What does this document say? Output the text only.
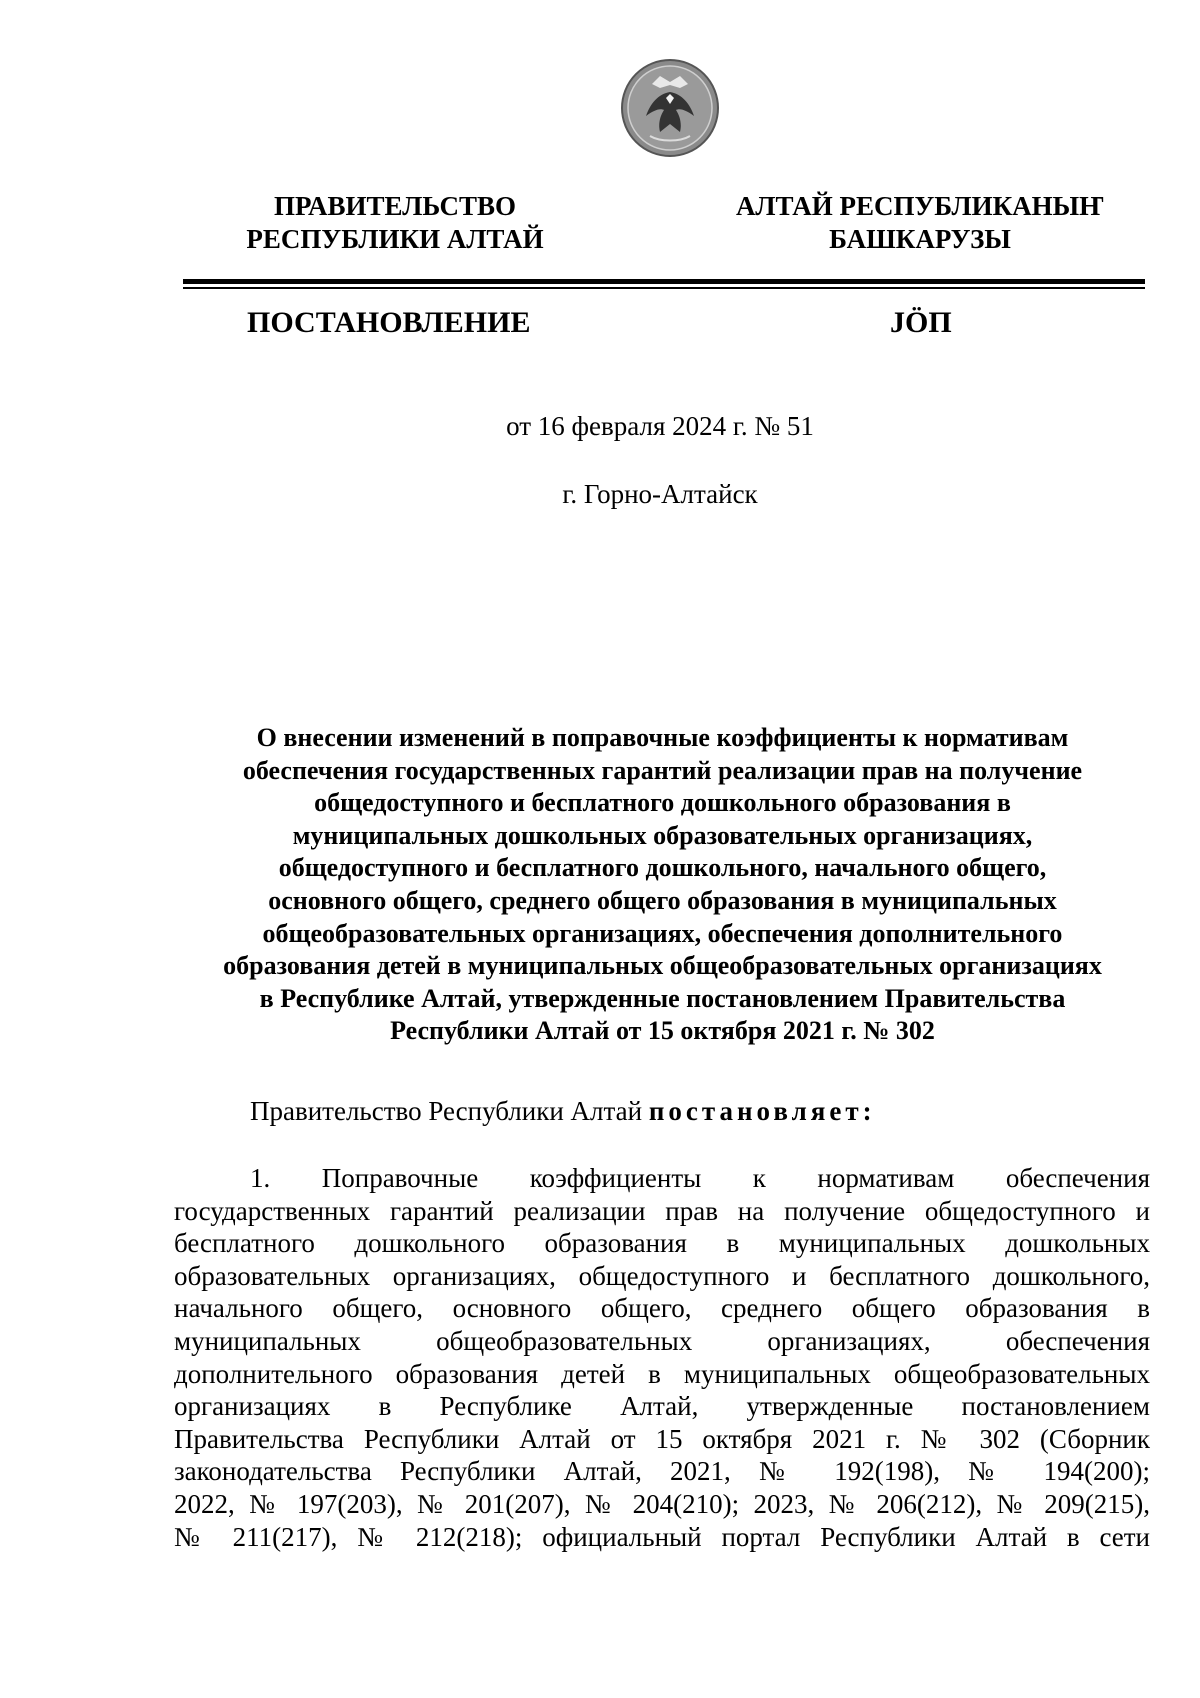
ПРАВИТЕЛЬСТВО
РЕСПУБЛИКИ АЛТАЙ
АЛТАЙ РЕСПУБЛИКАНЫҤ
БАШКАРУЗЫ
ПОСТАНОВЛЕНИЕ	JӦП
от 16 февраля 2024 г. № 51
г. Горно-Алтайск
О внесении изменений в поправочные коэффициенты к нормативам
обеспечения государственных гарантий реализации прав на получение
общедоступного и бесплатного дошкольного образования в
муниципальных дошкольных образовательных организациях,
общедоступного и бесплатного дошкольного, начального общего,
основного общего, среднего общего образования в муниципальных
общеобразовательных организациях, обеспечения дополнительного
образования детей в муниципальных общеобразовательных организациях
в Республике Алтай, утвержденные постановлением Правительства
Республики Алтай от 15 октября 2021 г. № 302
Правительство Республики Алтай постановляет:
1. Поправочные коэффициенты к нормативам обеспечения
государственных гарантий реализации прав на получение общедоступного и
бесплатного дошкольного образования в муниципальных дошкольных
образовательных организациях, общедоступного и бесплатного дошкольного,
начального общего, основного общего, среднего общего образования в
муниципальных общеобразовательных организациях, обеспечения
дополнительного образования детей в муниципальных общеобразовательных
организациях в Республике Алтай, утвержденные постановлением
Правительства Республики Алтай от 15 октября 2021 г. № 302 (Сборник
законодательства Республики Алтай, 2021, № 192(198), № 194(200);
2022, № 197(203), № 201(207), № 204(210); 2023, № 206(212), № 209(215),
№ 211(217), № 212(218); официальный портал Республики Алтай в сети
